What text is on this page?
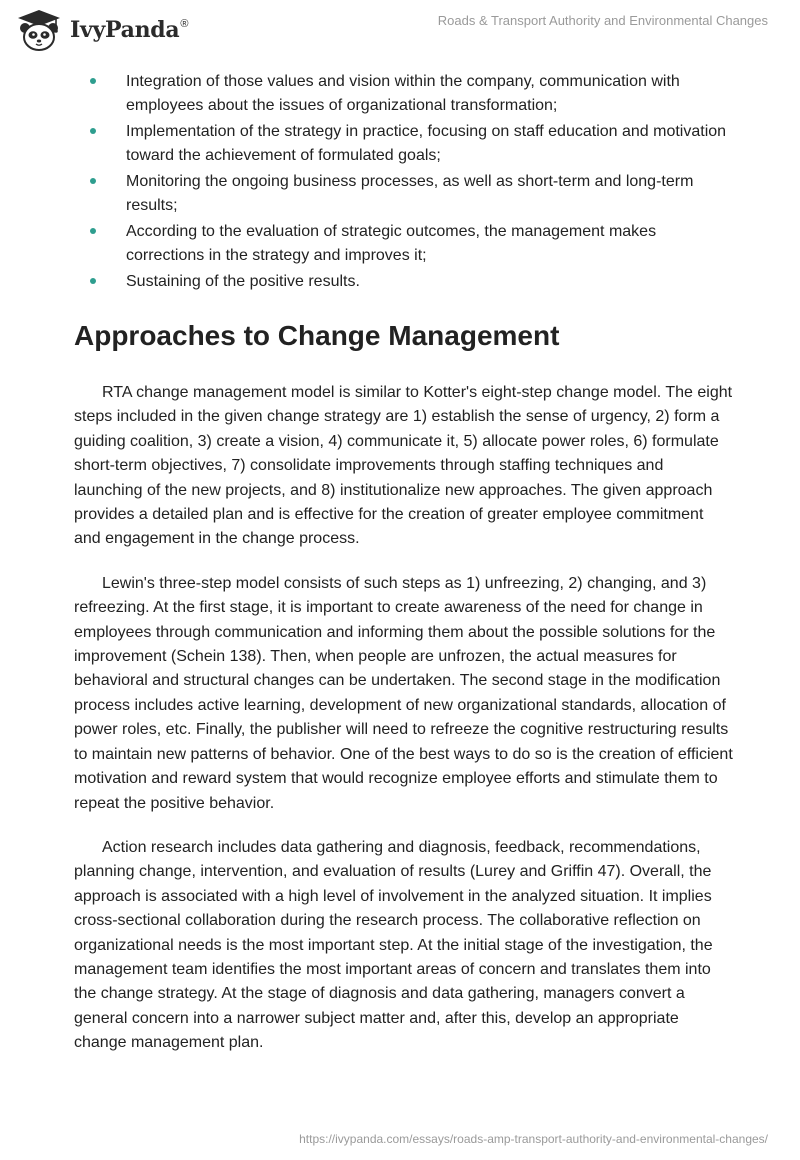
IvyPanda®	Roads & Transport Authority and Environmental Changes
Integration of those values and vision within the company, communication with employees about the issues of organizational transformation;
Implementation of the strategy in practice, focusing on staff education and motivation toward the achievement of formulated goals;
Monitoring the ongoing business processes, as well as short-term and long-term results;
According to the evaluation of strategic outcomes, the management makes corrections in the strategy and improves it;
Sustaining of the positive results.
Approaches to Change Management

RTA change management model is similar to Kotter's eight-step change model. The eight steps included in the given change strategy are 1) establish the sense of urgency, 2) form a guiding coalition, 3) create a vision, 4) communicate it, 5) allocate power roles, 6) formulate short-term objectives, 7) consolidate improvements through staffing techniques and launching of the new projects, and 8) institutionalize new approaches. The given approach provides a detailed plan and is effective for the creation of greater employee commitment and engagement in the change process.

Lewin's three-step model consists of such steps as 1) unfreezing, 2) changing, and 3) refreezing. At the first stage, it is important to create awareness of the need for change in employees through communication and informing them about the possible solutions for the improvement (Schein 138). Then, when people are unfrozen, the actual measures for behavioral and structural changes can be undertaken. The second stage in the modification process includes active learning, development of new organizational standards, allocation of power roles, etc. Finally, the publisher will need to refreeze the cognitive restructuring results to maintain new patterns of behavior. One of the best ways to do so is the creation of efficient motivation and reward system that would recognize employee efforts and stimulate them to repeat the positive behavior.

Action research includes data gathering and diagnosis, feedback, recommendations, planning change, intervention, and evaluation of results (Lurey and Griffin 47). Overall, the approach is associated with a high level of involvement in the analyzed situation. It implies cross-sectional collaboration during the research process. The collaborative reflection on organizational needs is the most important step. At the initial stage of the investigation, the management team identifies the most important areas of concern and translates them into the change strategy. At the stage of diagnosis and data gathering, managers convert a general concern into a narrower subject matter and, after this, develop an appropriate change management plan.

https://ivypanda.com/essays/roads-amp-transport-authority-and-environmental-changes/
